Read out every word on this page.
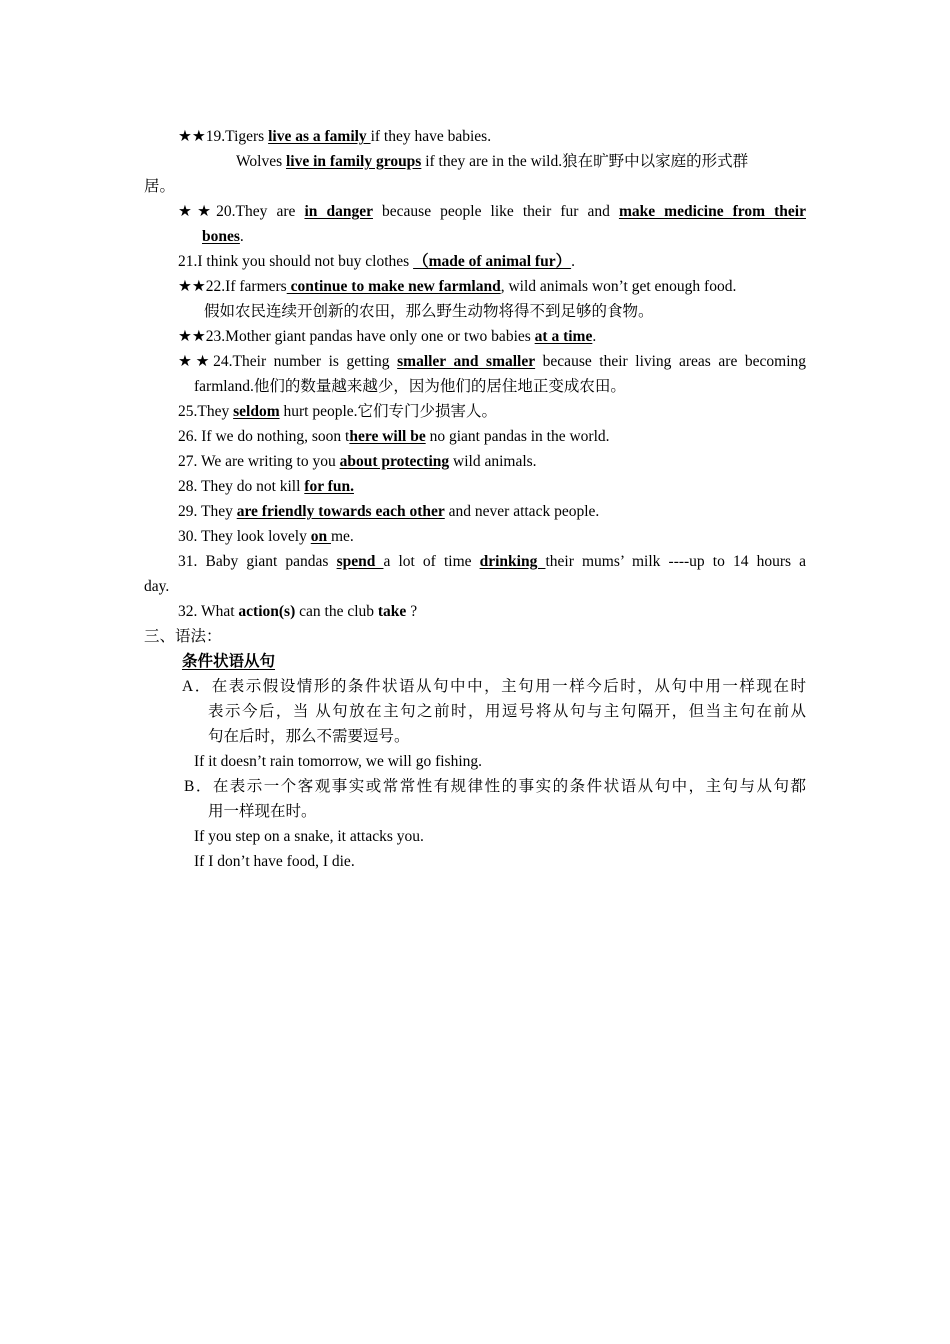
★★19.Tigers live as a family if they have babies.
Wolves live in family groups if they are in the wild.狼在旷野中以家庭的形式群
居。
★★20.They are in danger because people like their fur and make medicine from their
bones.
21.I think you should not buy clothes （made of animal fur）.
★★22.If farmers continue to make new farmland, wild animals won’t get enough food.
假如农民连续开创新的农田，那么野生动物将得不到足够的食物。
★★23.Mother giant pandas have only one or two babies at a time.
★★24.Their number is getting smaller and smaller because their living areas are becoming
farmland.他们的数量越来越少，因为他们的居住地正变成农田。
25.They seldom hurt people.它们专门少损害人。
26. If we do nothing, soon there will be no giant pandas in the world.
27. We are writing to you about protecting wild animals.
28. They do not kill for fun.
29. They are friendly towards each other and never attack people.
30. They look lovely on me.
31. Baby giant pandas spend a lot of time drinking their mums’ milk ----up to 14 hours a
day.
32. What action(s) can the club take ?
三、语法：
条件状语从句
A．在表示假设情形的条件状语从句中中，主句用一样今后时，从句中用一样现在时
表示今后，当 从句放在主句之前时，用逗号将从句与主句隔开，但当主句在前从
句在后时，那么不需要逗号。
If it doesn’t rain tomorrow, we will go fishing.
B．在表示一个客观事实或常常性有规律性的事实的条件状语从句中，主句与从句都
用一样现在时。
If you step on a snake, it attacks you.
If I don’t have food, I die.
